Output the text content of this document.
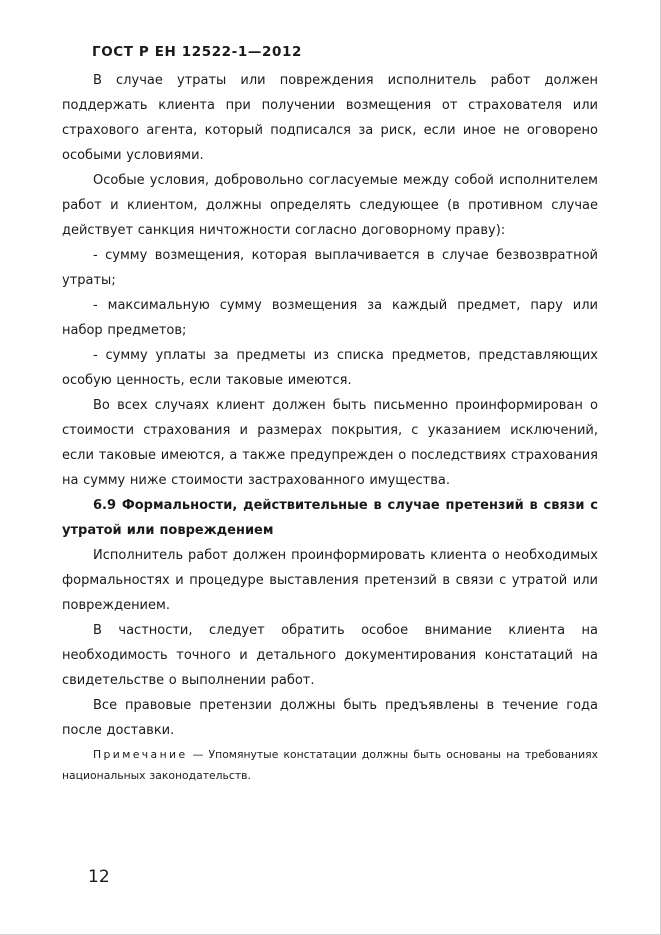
ГОСТ Р ЕН 12522-1—2012

В случае утраты или повреждения исполнитель работ должен поддержать клиента при получении возмещения от страхователя или страхового агента, который подписался за риск, если иное не оговорено особыми условиями.

Особые условия, добровольно согласуемые между собой исполнителем работ и клиентом, должны определять следующее (в противном случае действует санкция ничтожности согласно договорному праву):

- сумму возмещения, которая выплачивается в случае безвозвратной утраты;

- максимальную сумму возмещения за каждый предмет, пару или набор предметов;

- сумму уплаты за предметы из списка предметов, представляющих особую ценность, если таковые имеются.

Во всех случаях клиент должен быть письменно проинформирован о стоимости страхования и размерах покрытия, с указанием исключений, если таковые имеются, а также предупрежден о последствиях страхования на сумму ниже стоимости застрахованного имущества.

6.9 Формальности, действительные в случае претензий в связи с утратой или повреждением

Исполнитель работ должен проинформировать клиента о необходимых формальностях и процедуре выставления претензий в связи с утратой или повреждением.

В частности, следует обратить особое внимание клиента на необходимость точного и детального документирования констатаций на свидетельстве о выполнении работ.

Все правовые претензии должны быть предъявлены в течение года после доставки.

Примечание — Упомянутые констатации должны быть основаны на требованиях национальных законодательств.

12
